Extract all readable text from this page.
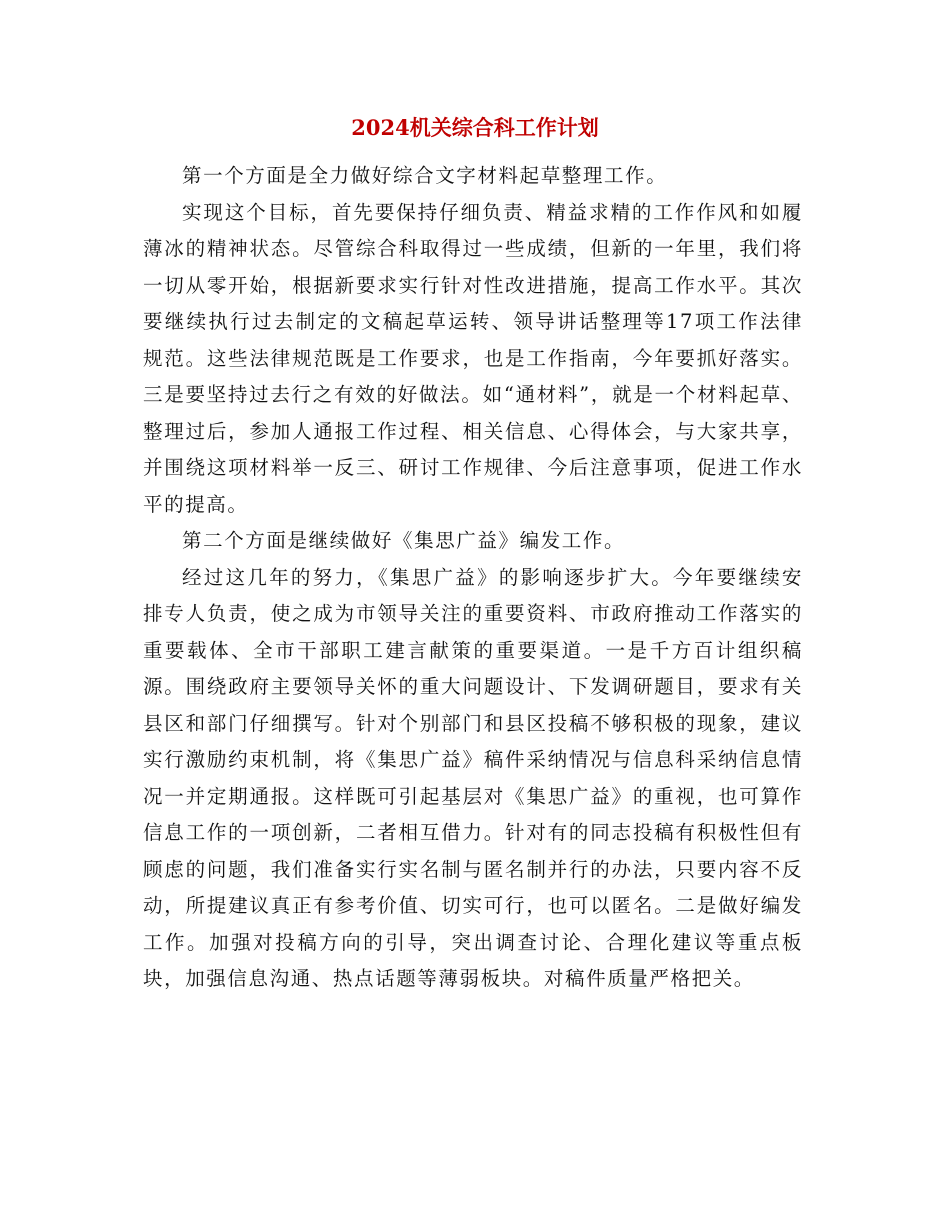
2024机关综合科工作计划

第一个方面是全力做好综合文字材料起草整理工作。

实现这个目标，首先要保持仔细负责、精益求精的工作作风和如履薄冰的精神状态。尽管综合科取得过一些成绩，但新的一年里，我们将一切从零开始，根据新要求实行针对性改进措施，提高工作水平。其次要继续执行过去制定的文稿起草运转、领导讲话整理等17项工作法律规范。这些法律规范既是工作要求，也是工作指南，今年要抓好落实。三是要坚持过去行之有效的好做法。如“通材料”，就是一个材料起草、整理过后，参加人通报工作过程、相关信息、心得体会，与大家共享，并围绕这项材料举一反三、研讨工作规律、今后注意事项，促进工作水平的提高。

第二个方面是继续做好《集思广益》编发工作。

经过这几年的努力，《集思广益》的影响逐步扩大。今年要继续安排专人负责，使之成为市领导关注的重要资料、市政府推动工作落实的重要载体、全市干部职工建言献策的重要渠道。一是千方百计组织稿源。围绕政府主要领导关怀的重大问题设计、下发调研题目，要求有关县区和部门仔细撰写。针对个别部门和县区投稿不够积极的现象，建议实行激励约束机制，将《集思广益》稿件采纳情况与信息科采纳信息情况一并定期通报。这样既可引起基层对《集思广益》的重视，也可算作信息工作的一项创新，二者相互借力。针对有的同志投稿有积极性但有顾虑的问题，我们准备实行实名制与匿名制并行的办法，只要内容不反动，所提建议真正有参考价值、切实可行，也可以匿名。二是做好编发工作。加强对投稿方向的引导，突出调查讨论、合理化建议等重点板块，加强信息沟通、热点话题等薄弱板块。对稿件质量严格把关。
